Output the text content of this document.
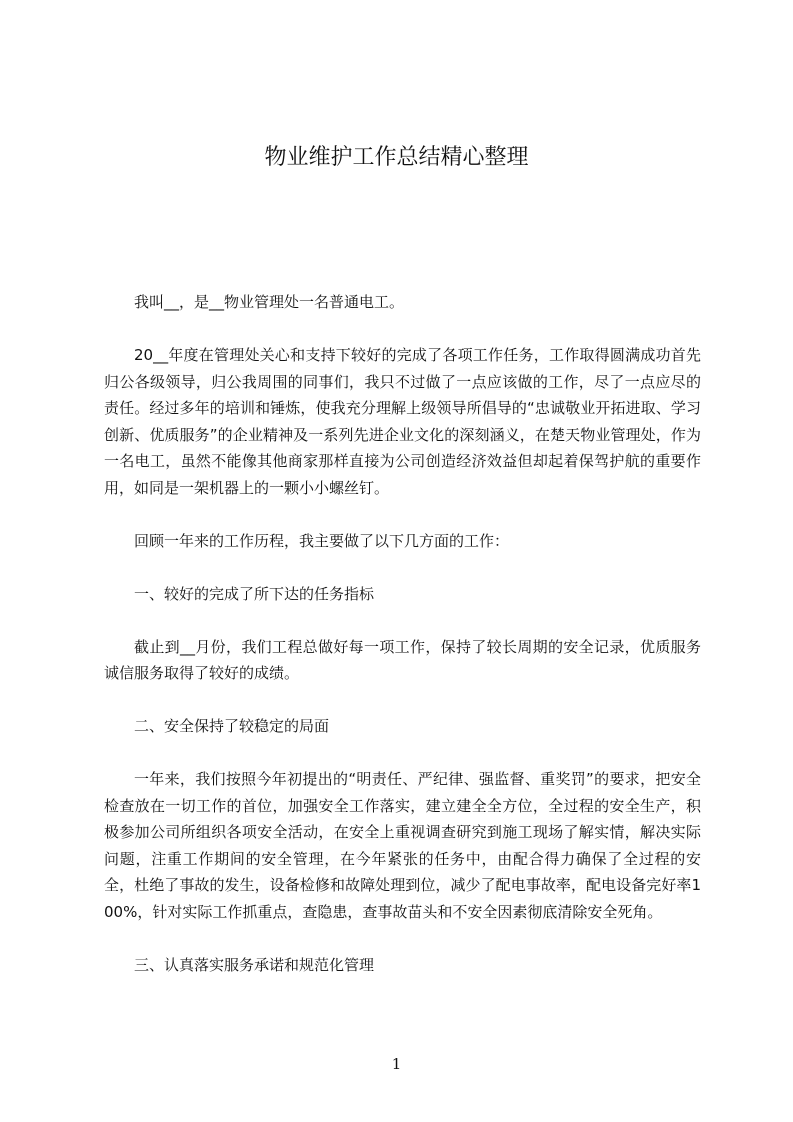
物业维护工作总结精心整理

我叫__，是__物业管理处一名普通电工。

20__年度在管理处关心和支持下较好的完成了各项工作任务，工作取得圆满成功首先归公各级领导，归公我周围的同事们，我只不过做了一点应该做的工作，尽了一点应尽的责任。经过多年的培训和锤炼，使我充分理解上级领导所倡导的“忠诚敬业开拓进取、学习创新、优质服务”的企业精神及一系列先进企业文化的深刻涵义，在楚天物业管理处，作为一名电工，虽然不能像其他商家那样直接为公司创造经济效益但却起着保驾护航的重要作用，如同是一架机器上的一颗小小螺丝钉。

回顾一年来的工作历程，我主要做了以下几方面的工作：

一、较好的完成了所下达的任务指标

截止到__月份，我们工程总做好每一项工作，保持了较长周期的安全记录，优质服务诚信服务取得了较好的成绩。

二、安全保持了较稳定的局面

一年来，我们按照今年初提出的“明责任、严纪律、强监督、重奖罚”的要求，把安全检查放在一切工作的首位，加强安全工作落实，建立建全全方位，全过程的安全生产，积极参加公司所组织各项安全活动，在安全上重视调查研究到施工现场了解实情，解决实际问题，注重工作期间的安全管理，在今年紧张的任务中，由配合得力确保了全过程的安全，杜绝了事故的发生，设备检修和故障处理到位，减少了配电事故率，配电设备完好率100%，针对实际工作抓重点，查隐患，查事故苗头和不安全因素彻底清除安全死角。

三、认真落实服务承诺和规范化管理

1
